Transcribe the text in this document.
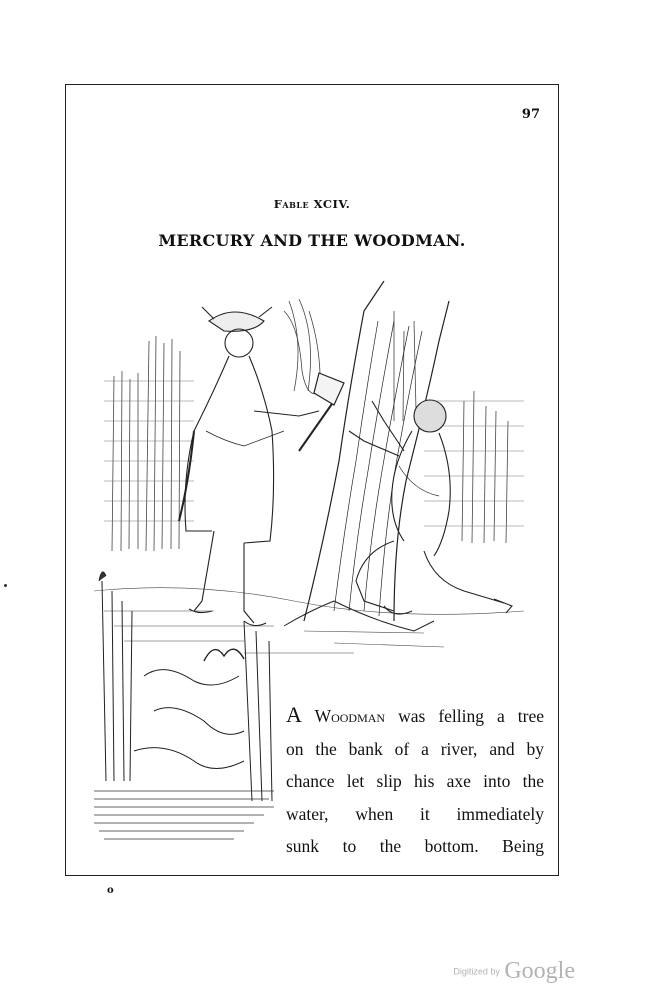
97
Fable XCIV.
MERCURY AND THE WOODMAN.
A Woodman was felling a tree
on the bank of a river, and by
chance let slip his axe into the
water, when it immediately
sunk to the bottom. Being
o
Digitized by Google
